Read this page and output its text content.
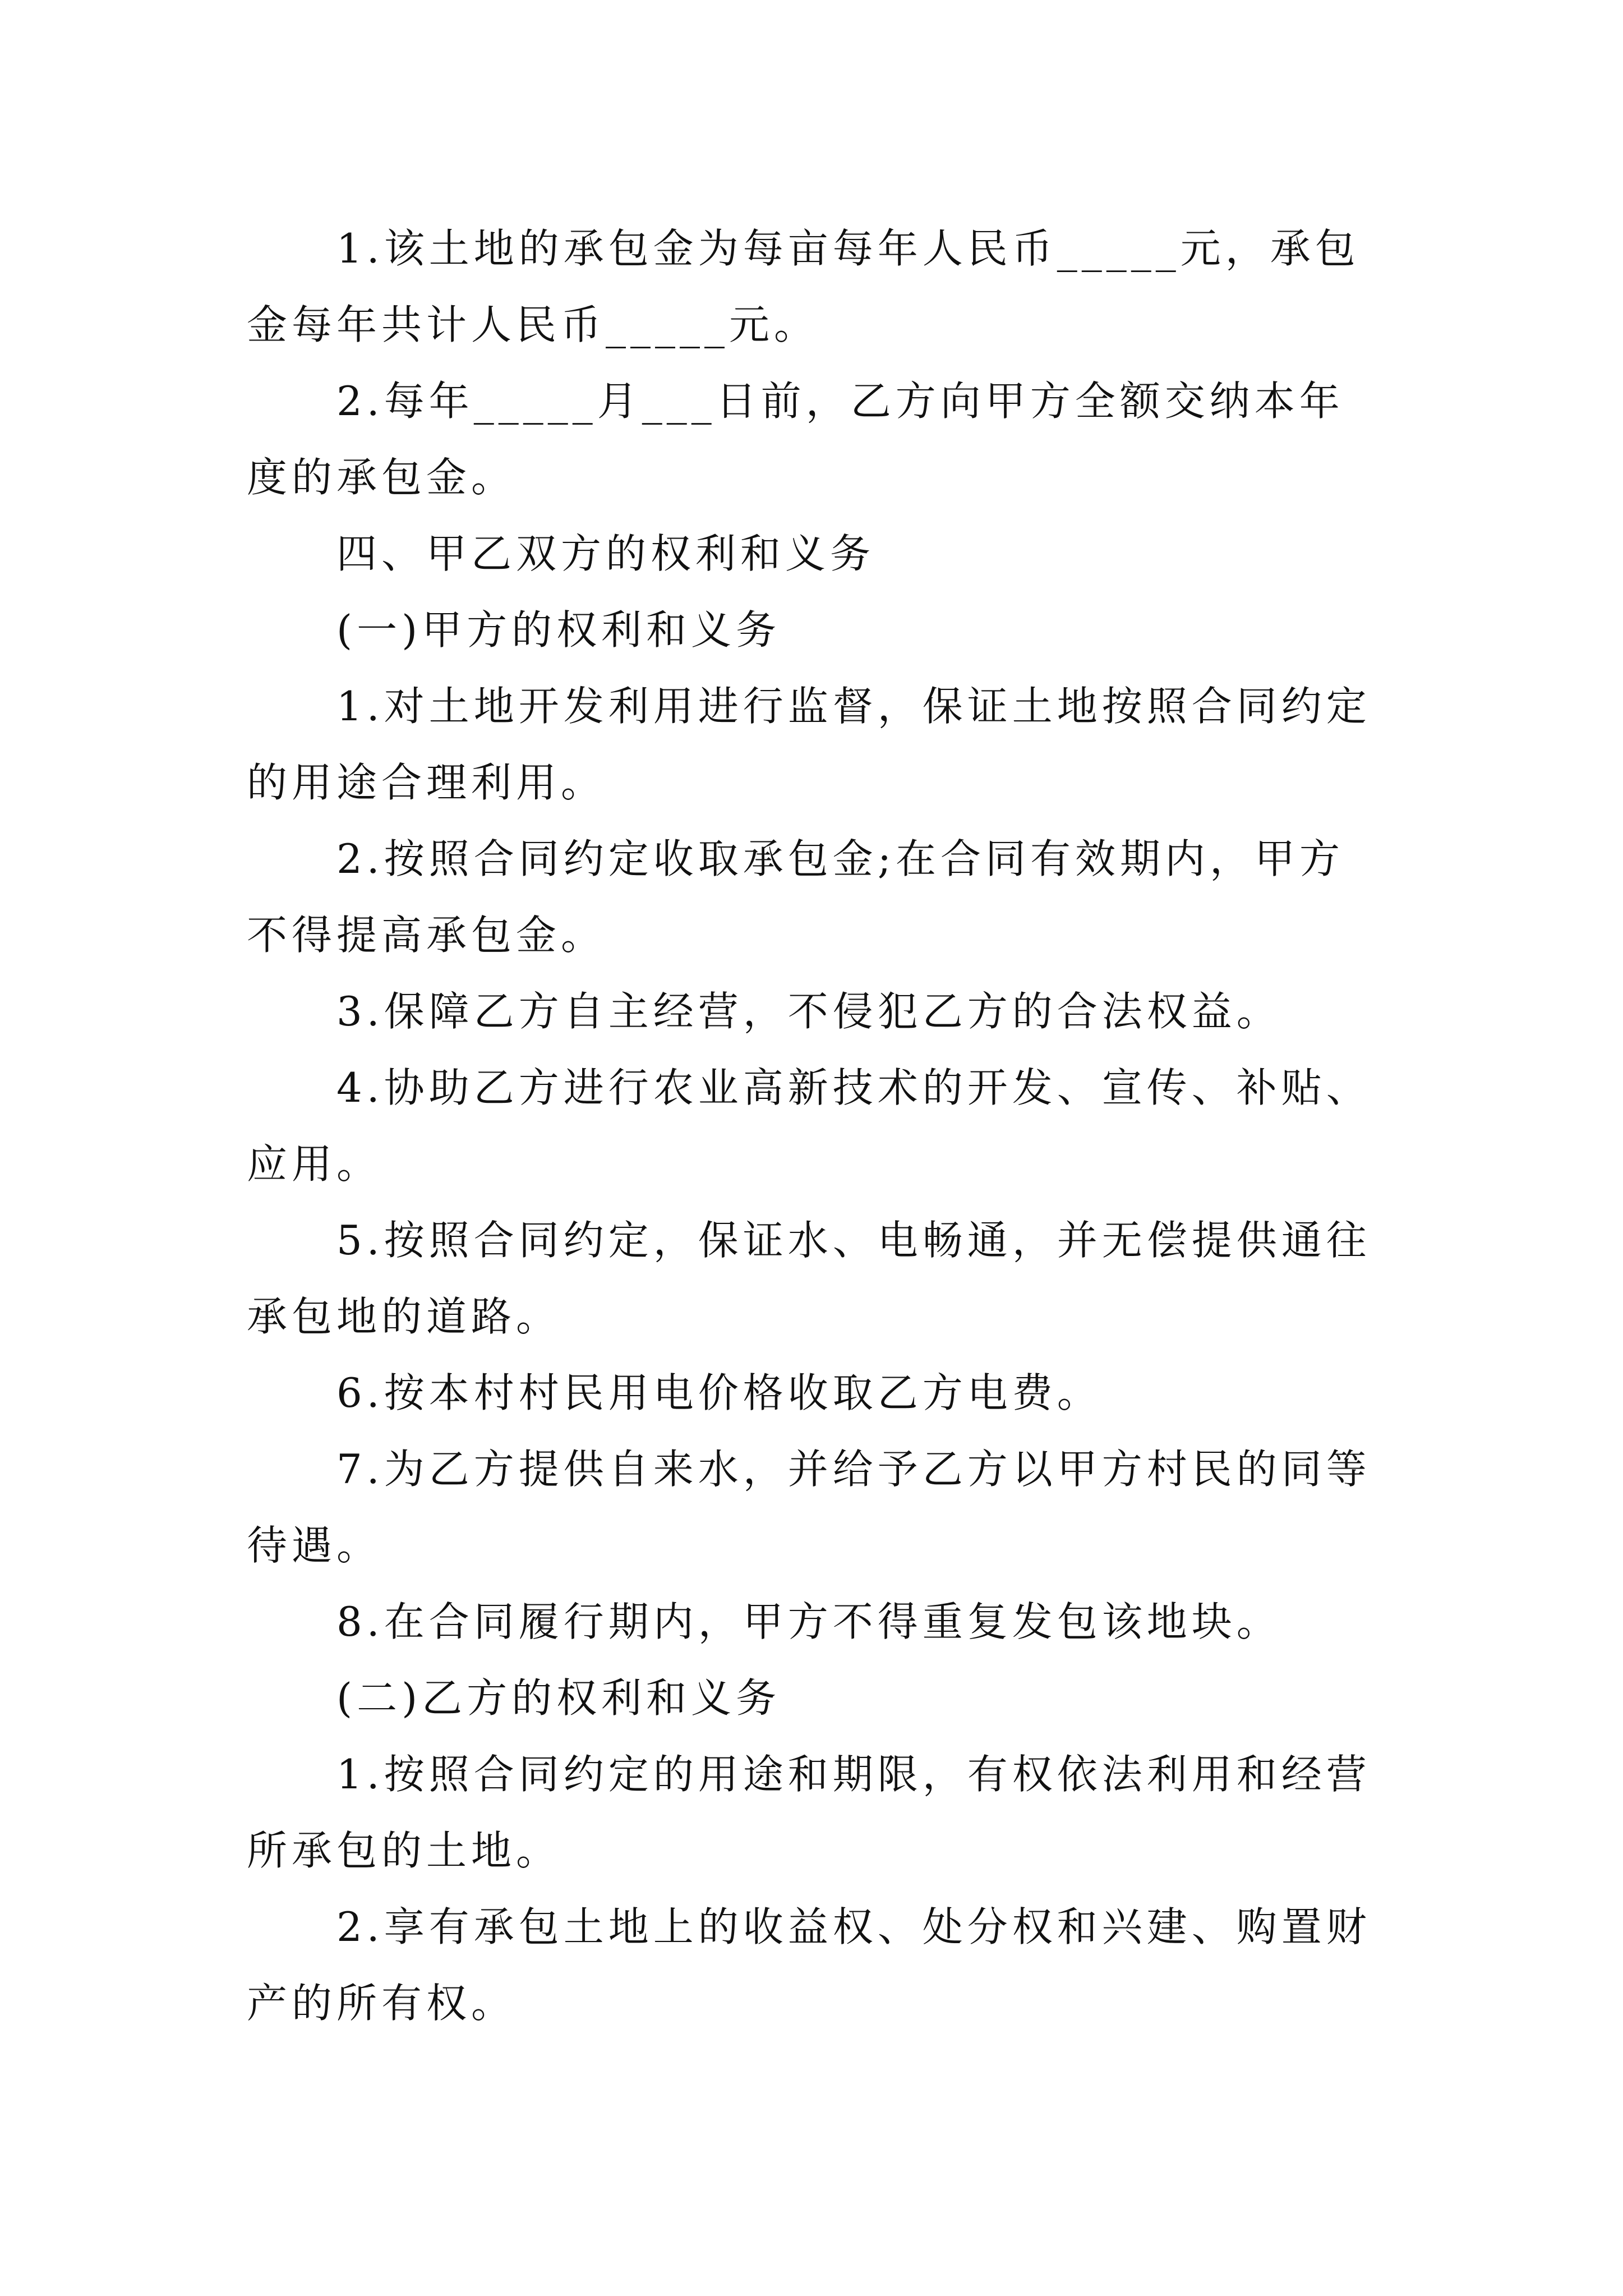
1.该土地的承包金为每亩每年人民币_____元，承包金每年共计人民币_____元。

2.每年_____月___日前，乙方向甲方全额交纳本年度的承包金。

四、甲乙双方的权利和义务

(一)甲方的权利和义务

1.对土地开发利用进行监督，保证土地按照合同约定的用途合理利用。

2.按照合同约定收取承包金;在合同有效期内，甲方不得提高承包金。

3.保障乙方自主经营，不侵犯乙方的合法权益。

4.协助乙方进行农业高新技术的开发、宣传、补贴、应用。

5.按照合同约定，保证水、电畅通，并无偿提供通往承包地的道路。

6.按本村村民用电价格收取乙方电费。

7.为乙方提供自来水，并给予乙方以甲方村民的同等待遇。

8.在合同履行期内，甲方不得重复发包该地块。

(二)乙方的权利和义务

1.按照合同约定的用途和期限，有权依法利用和经营所承包的土地。

2.享有承包土地上的收益权、处分权和兴建、购置财产的所有权。
